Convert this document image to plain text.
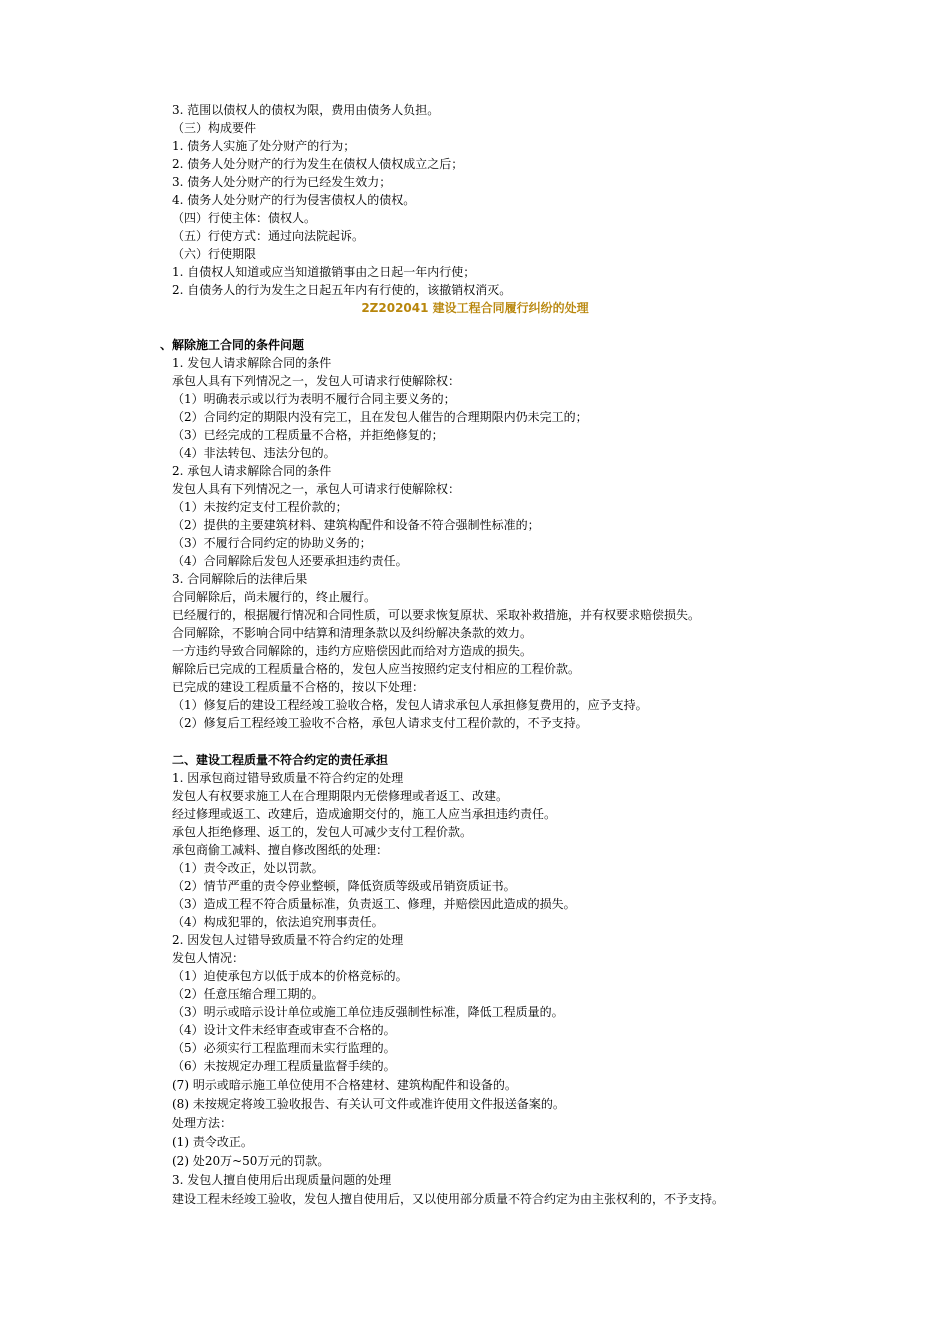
3. 范围以债权人的债权为限，费用由债务人负担。
（三）构成要件
1. 债务人实施了处分财产的行为；
2. 债务人处分财产的行为发生在债权人债权成立之后；
3. 债务人处分财产的行为已经发生效力；
4. 债务人处分财产的行为侵害债权人的债权。
（四）行使主体：债权人。
（五）行使方式：通过向法院起诉。
（六）行使期限
1. 自债权人知道或应当知道撤销事由之日起一年内行使；
2. 自债务人的行为发生之日起五年内有行使的，该撤销权消灭。
2Z202041 建设工程合同履行纠纷的处理
、解除施工合同的条件问题
1. 发包人请求解除合同的条件
承包人具有下列情况之一，发包人可请求行使解除权：
（1）明确表示或以行为表明不履行合同主要义务的；
（2）合同约定的期限内没有完工，且在发包人催告的合理期限内仍未完工的；
（3）已经完成的工程质量不合格，并拒绝修复的；
（4）非法转包、违法分包的。
2. 承包人请求解除合同的条件
发包人具有下列情况之一，承包人可请求行使解除权：
（1）未按约定支付工程价款的；
（2）提供的主要建筑材料、建筑构配件和设备不符合强制性标准的；
（3）不履行合同约定的协助义务的；
（4）合同解除后发包人还要承担违约责任。
3. 合同解除后的法律后果
合同解除后，尚未履行的，终止履行。
已经履行的，根据履行情况和合同性质，可以要求恢复原状、采取补救措施，并有权要求赔偿损失。
合同解除，不影响合同中结算和清理条款以及纠纷解决条款的效力。
一方违约导致合同解除的，违约方应赔偿因此而给对方造成的损失。
解除后已完成的工程质量合格的，发包人应当按照约定支付相应的工程价款。
已完成的建设工程质量不合格的，按以下处理：
（1）修复后的建设工程经竣工验收合格，发包人请求承包人承担修复费用的，应予支持。
（2）修复后工程经竣工验收不合格，承包人请求支付工程价款的，不予支持。
二、建设工程质量不符合约定的责任承担
1. 因承包商过错导致质量不符合约定的处理
发包人有权要求施工人在合理期限内无偿修理或者返工、改建。
经过修理或返工、改建后，造成逾期交付的，施工人应当承担违约责任。
承包人拒绝修理、返工的，发包人可减少支付工程价款。
承包商偷工减料、擅自修改图纸的处理：
（1）责令改正，处以罚款。
（2）情节严重的责令停业整顿，降低资质等级或吊销资质证书。
（3）造成工程不符合质量标准，负责返工、修理，并赔偿因此造成的损失。
（4）构成犯罪的，依法追究刑事责任。
2. 因发包人过错导致质量不符合约定的处理
发包人情况：
（1）迫使承包方以低于成本的价格竞标的。
（2）任意压缩合理工期的。
（3）明示或暗示设计单位或施工单位违反强制性标准，降低工程质量的。
（4）设计文件未经审查或审查不合格的。
（5）必须实行工程监理而未实行监理的。
（6）未按规定办理工程质量监督手续的。
(7) 明示或暗示施工单位使用不合格建材、建筑构配件和设备的。
(8) 未按规定将竣工验收报告、有关认可文件或准许使用文件报送备案的。
处理方法：
(1) 责令改正。
(2) 处20万~50万元的罚款。
3. 发包人擅自使用后出现质量问题的处理
建设工程未经竣工验收，发包人擅自使用后，又以使用部分质量不符合约定为由主张权利的，不予支持。
